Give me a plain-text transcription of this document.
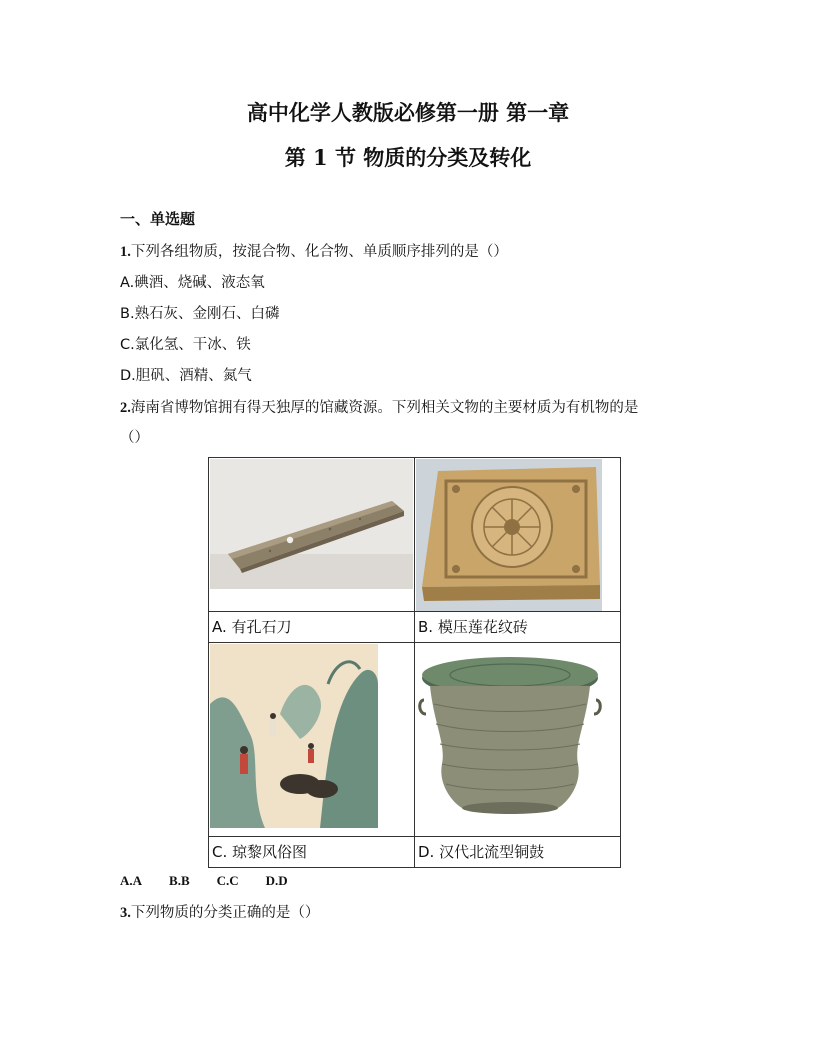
高中化学人教版必修第一册 第一章
第 1 节 物质的分类及转化
一、单选题
1.下列各组物质，按混合物、化合物、单质顺序排列的是（）
A.碘酒、烧碱、液态氧
B.熟石灰、金刚石、白磷
C.氯化氢、干冰、铁
D.胆矾、酒精、氮气
2.海南省博物馆拥有得天独厚的馆藏资源。下列相关文物的主要材质为有机物的是
（）

A. 有孔石刀	B. 模压莲花纹砖

C. 琼黎风俗图	D. 汉代北流型铜鼓
A.A B.B C.C D.D
3.下列物质的分类正确的是（）
